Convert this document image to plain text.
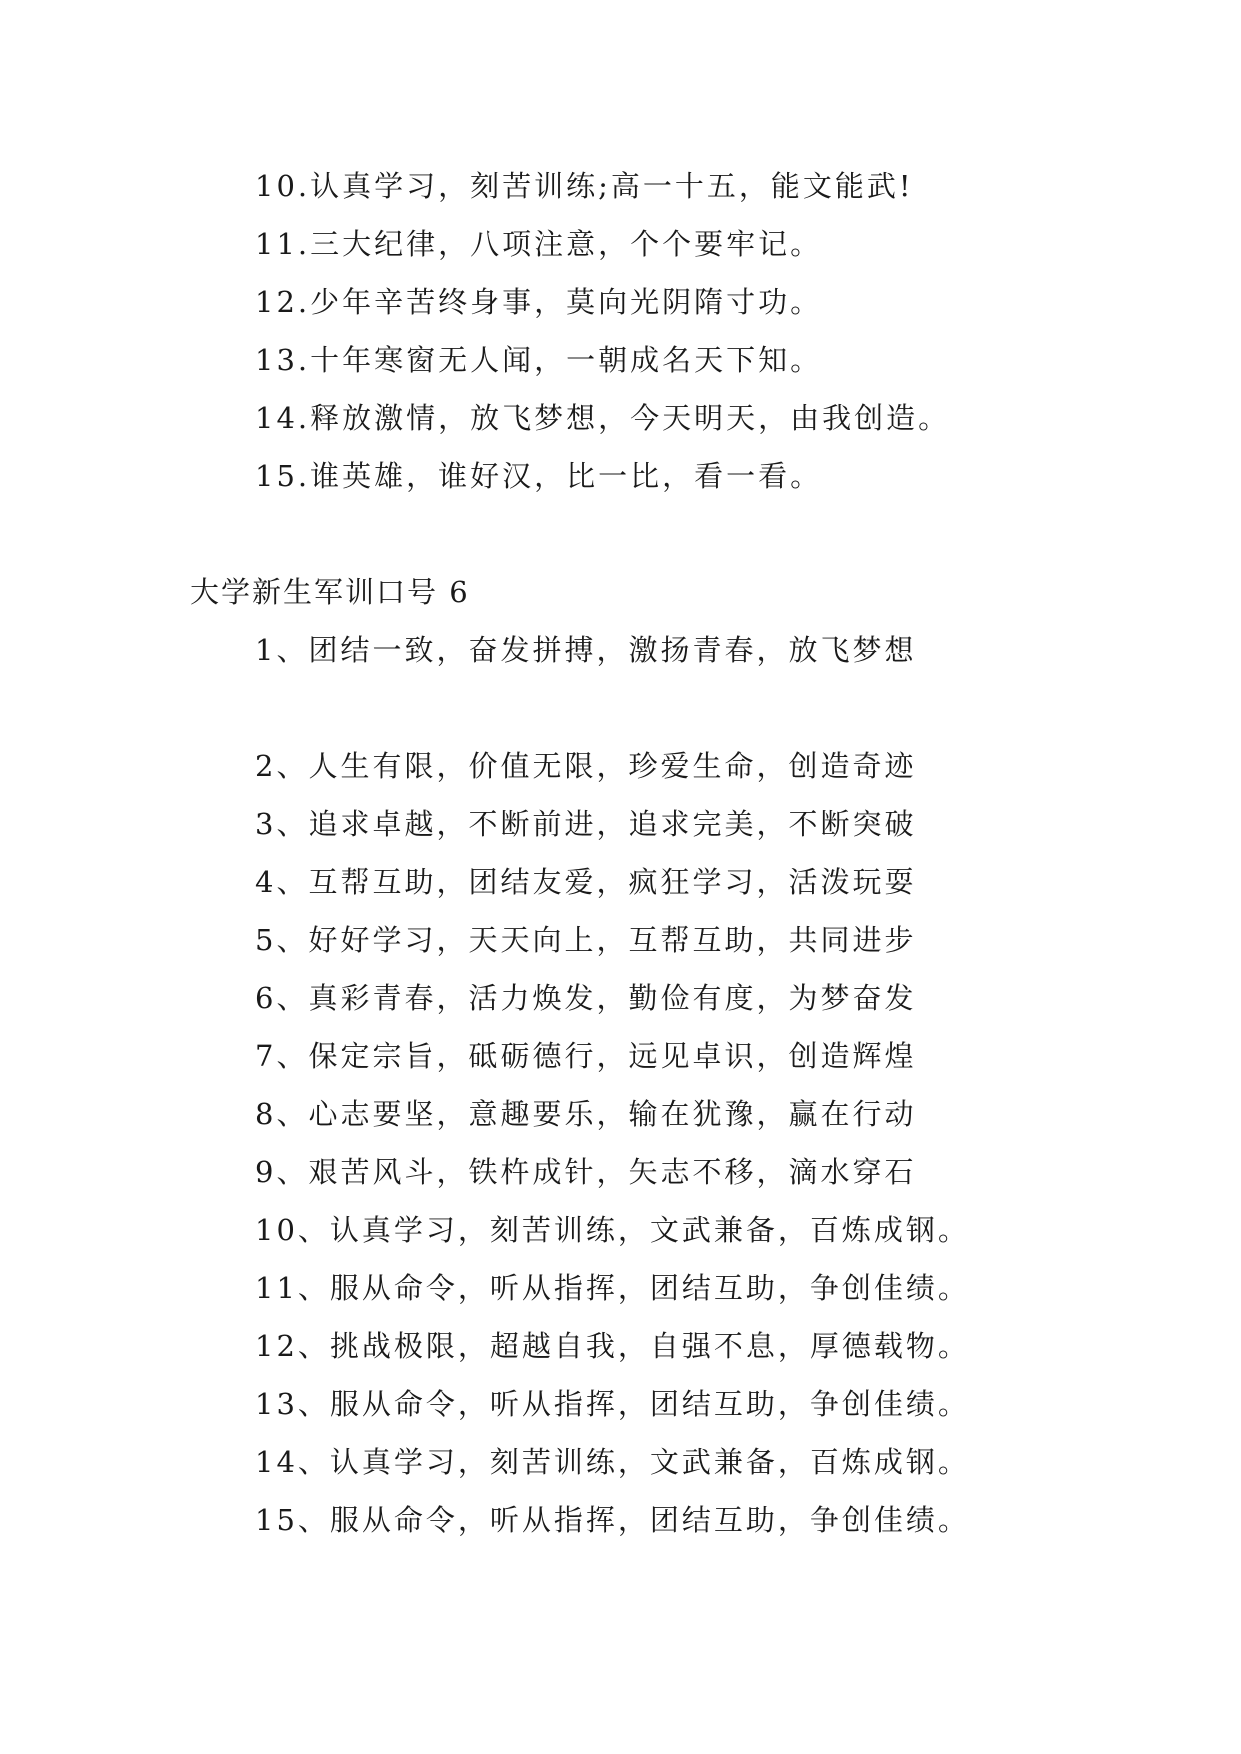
10.认真学习，刻苦训练;高一十五，能文能武!
11.三大纪律，八项注意，个个要牢记。
12.少年辛苦终身事，莫向光阴隋寸功。
13.十年寒窗无人闻，一朝成名天下知。
14.释放激情，放飞梦想，今天明天，由我创造。
15.谁英雄，谁好汉，比一比，看一看。
大学新生军训口号 6
1、团结一致，奋发拼搏，激扬青春，放飞梦想
2、人生有限，价值无限，珍爱生命，创造奇迹
3、追求卓越，不断前进，追求完美，不断突破
4、互帮互助，团结友爱，疯狂学习，活泼玩耍
5、好好学习，天天向上，互帮互助，共同进步
6、真彩青春，活力焕发，勤俭有度，为梦奋发
7、保定宗旨，砥砺德行，远见卓识，创造辉煌
8、心志要坚，意趣要乐，输在犹豫，赢在行动
9、艰苦风斗，铁杵成针，矢志不移，滴水穿石
10、认真学习，刻苦训练，文武兼备，百炼成钢。
11、服从命令，听从指挥，团结互助，争创佳绩。
12、挑战极限，超越自我，自强不息，厚德载物。
13、服从命令，听从指挥，团结互助，争创佳绩。
14、认真学习，刻苦训练，文武兼备，百炼成钢。
15、服从命令，听从指挥，团结互助，争创佳绩。
